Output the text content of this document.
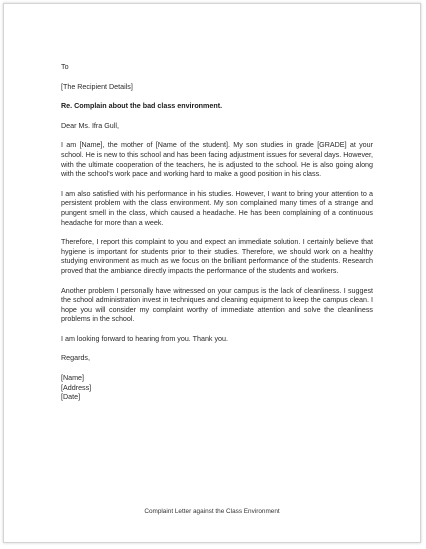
To

[The Recipient Details]

Re. Complain about the bad class environment.

Dear Ms. Ifra Gull,

I am [Name], the mother of [Name of the student]. My son studies in grade [GRADE] at your school. He is new to this school and has been facing adjustment issues for several days. However, with the ultimate cooperation of the teachers, he is adjusted to the school. He is also going along with the school's work pace and working hard to make a good position in his class.

I am also satisfied with his performance in his studies. However, I want to bring your attention to a persistent problem with the class environment. My son complained many times of a strange and pungent smell in the class, which caused a headache. He has been complaining of a continuous headache for more than a week.

Therefore, I report this complaint to you and expect an immediate solution. I certainly believe that hygiene is important for students prior to their studies. Therefore, we should work on a healthy studying environment as much as we focus on the brilliant performance of the students. Research proved that the ambiance directly impacts the performance of the students and workers.

Another problem I personally have witnessed on your campus is the lack of cleanliness. I suggest the school administration invest in techniques and cleaning equipment to keep the campus clean. I hope you will consider my complaint worthy of immediate attention and solve the cleanliness problems in the school.

I am looking forward to hearing from you. Thank you.

Regards,

[Name]

[Address]

[Date]

Complaint Letter against the Class Environment
